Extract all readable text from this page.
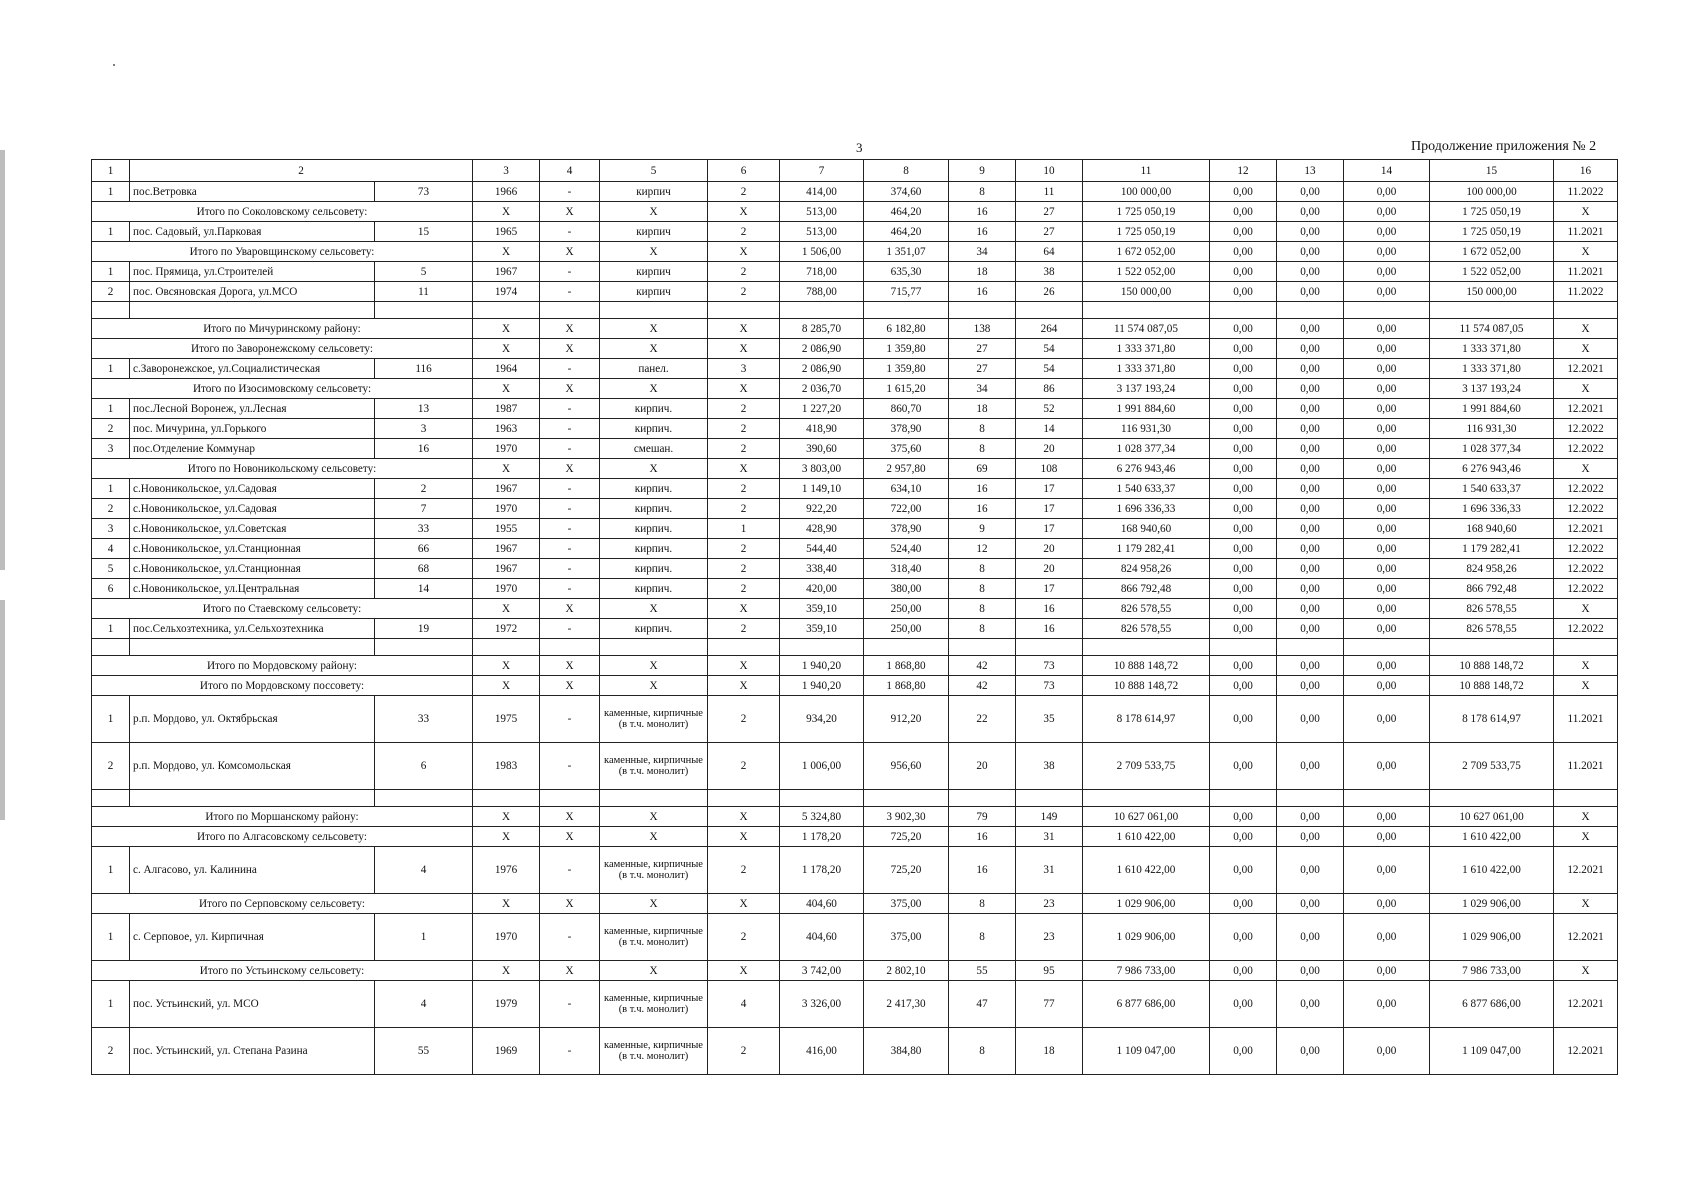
3	Продолжение приложения № 2
1	2		3	4	5	6	7	8	9	10	11	12	13	14	15	16
1	пос.Ветровка	73	1966	-	кирпич	2	414,00	374,60	8	11	100 000,00	0,00	0,00	0,00	100 000,00	11.2022
Итого по Соколовскому сельсовету:			X	X	X	X	513,00	464,20	16	27	1 725 050,19	0,00	0,00	0,00	1 725 050,19	X
1	пос. Садовый, ул.Парковая	15	1965	-	кирпич	2	513,00	464,20	16	27	1 725 050,19	0,00	0,00	0,00	1 725 050,19	11.2021
Итого по Уваровщинскому сельсовету:			X	X	X	X	1 506,00	1 351,07	34	64	1 672 052,00	0,00	0,00	0,00	1 672 052,00	X
1	пос. Прямица, ул.Строителей	5	1967	-	кирпич	2	718,00	635,30	18	38	1 522 052,00	0,00	0,00	0,00	1 522 052,00	11.2021
2	пос. Овсяновская Дорога, ул.МСО	11	1974	-	кирпич	2	788,00	715,77	16	26	150 000,00	0,00	0,00	0,00	150 000,00	11.2022

Итого по Мичуринскому району:			X	X	X	X	8 285,70	6 182,80	138	264	11 574 087,05	0,00	0,00	0,00	11 574 087,05	X
Итого по Заворонежскому сельсовету:			X	X	X	X	2 086,90	1 359,80	27	54	1 333 371,80	0,00	0,00	0,00	1 333 371,80	X
1	с.Заворонежское, ул.Социалистическая	116	1964	-	панел.	3	2 086,90	1 359,80	27	54	1 333 371,80	0,00	0,00	0,00	1 333 371,80	12.2021
Итого по Изосимовскому сельсовету:			X	X	X	X	2 036,70	1 615,20	34	86	3 137 193,24	0,00	0,00	0,00	3 137 193,24	X
1	пос.Лесной Воронеж, ул.Лесная	13	1987	-	кирпич.	2	1 227,20	860,70	18	52	1 991 884,60	0,00	0,00	0,00	1 991 884,60	12.2021
2	пос. Мичурина, ул.Горького	3	1963	-	кирпич.	2	418,90	378,90	8	14	116 931,30	0,00	0,00	0,00	116 931,30	12.2022
3	пос.Отделение Коммунар	16	1970	-	смешан.	2	390,60	375,60	8	20	1 028 377,34	0,00	0,00	0,00	1 028 377,34	12.2022
Итого по Новоникольскому сельсовету:			X	X	X	X	3 803,00	2 957,80	69	108	6 276 943,46	0,00	0,00	0,00	6 276 943,46	X
1	с.Новоникольское, ул.Садовая	2	1967	-	кирпич.	2	1 149,10	634,10	16	17	1 540 633,37	0,00	0,00	0,00	1 540 633,37	12.2022
2	с.Новоникольское, ул.Садовая	7	1970	-	кирпич.	2	922,20	722,00	16	17	1 696 336,33	0,00	0,00	0,00	1 696 336,33	12.2022
3	с.Новоникольское, ул.Советская	33	1955	-	кирпич.	1	428,90	378,90	9	17	168 940,60	0,00	0,00	0,00	168 940,60	12.2021
4	с.Новоникольское, ул.Станционная	66	1967	-	кирпич.	2	544,40	524,40	12	20	1 179 282,41	0,00	0,00	0,00	1 179 282,41	12.2022
5	с.Новоникольское, ул.Станционная	68	1967	-	кирпич.	2	338,40	318,40	8	20	824 958,26	0,00	0,00	0,00	824 958,26	12.2022
6	с.Новоникольское, ул.Центральная	14	1970	-	кирпич.	2	420,00	380,00	8	17	866 792,48	0,00	0,00	0,00	866 792,48	12.2022
Итого по Стаевскому сельсовету:			X	X	X	X	359,10	250,00	8	16	826 578,55	0,00	0,00	0,00	826 578,55	X
1	пос.Сельхозтехника, ул.Сельхозтехника	19	1972	-	кирпич.	2	359,10	250,00	8	16	826 578,55	0,00	0,00	0,00	826 578,55	12.2022

Итого по Мордовскому району:			X	X	X	X	1 940,20	1 868,80	42	73	10 888 148,72	0,00	0,00	0,00	10 888 148,72	X
Итого по Мордовскому поссовету:			X	X	X	X	1 940,20	1 868,80	42	73	10 888 148,72	0,00	0,00	0,00	10 888 148,72	X
1	р.п. Мордово, ул. Октябрьская	33	1975	-	каменные, кирпичные (в т.ч. монолит)	2	934,20	912,20	22	35	8 178 614,97	0,00	0,00	0,00	8 178 614,97	11.2021
2	р.п. Мордово, ул. Комсомольская	6	1983	-	каменные, кирпичные (в т.ч. монолит)	2	1 006,00	956,60	20	38	2 709 533,75	0,00	0,00	0,00	2 709 533,75	11.2021

Итого по Моршанскому району:			X	X	X	X	5 324,80	3 902,30	79	149	10 627 061,00	0,00	0,00	0,00	10 627 061,00	X
Итого по Алгасовскому сельсовету:			X	X	X	X	1 178,20	725,20	16	31	1 610 422,00	0,00	0,00	0,00	1 610 422,00	X
1	с. Алгасово, ул. Калинина	4	1976	-	каменные, кирпичные (в т.ч. монолит)	2	1 178,20	725,20	16	31	1 610 422,00	0,00	0,00	0,00	1 610 422,00	12.2021
Итого по Серповскому сельсовету:			X	X	X	X	404,60	375,00	8	23	1 029 906,00	0,00	0,00	0,00	1 029 906,00	X
1	с. Серповое, ул. Кирпичная	1	1970	-	каменные, кирпичные (в т.ч. монолит)	2	404,60	375,00	8	23	1 029 906,00	0,00	0,00	0,00	1 029 906,00	12.2021
Итого по Устьинскому сельсовету:			X	X	X	X	3 742,00	2 802,10	55	95	7 986 733,00	0,00	0,00	0,00	7 986 733,00	X
1	пос. Устьинский, ул. МСО	4	1979	-	каменные, кирпичные (в т.ч. монолит)	4	3 326,00	2 417,30	47	77	6 877 686,00	0,00	0,00	0,00	6 877 686,00	12.2021
2	пос. Устьинский, ул. Степана Разина	55	1969	-	каменные, кирпичные (в т.ч. монолит)	2	416,00	384,80	8	18	1 109 047,00	0,00	0,00	0,00	1 109 047,00	12.2021
